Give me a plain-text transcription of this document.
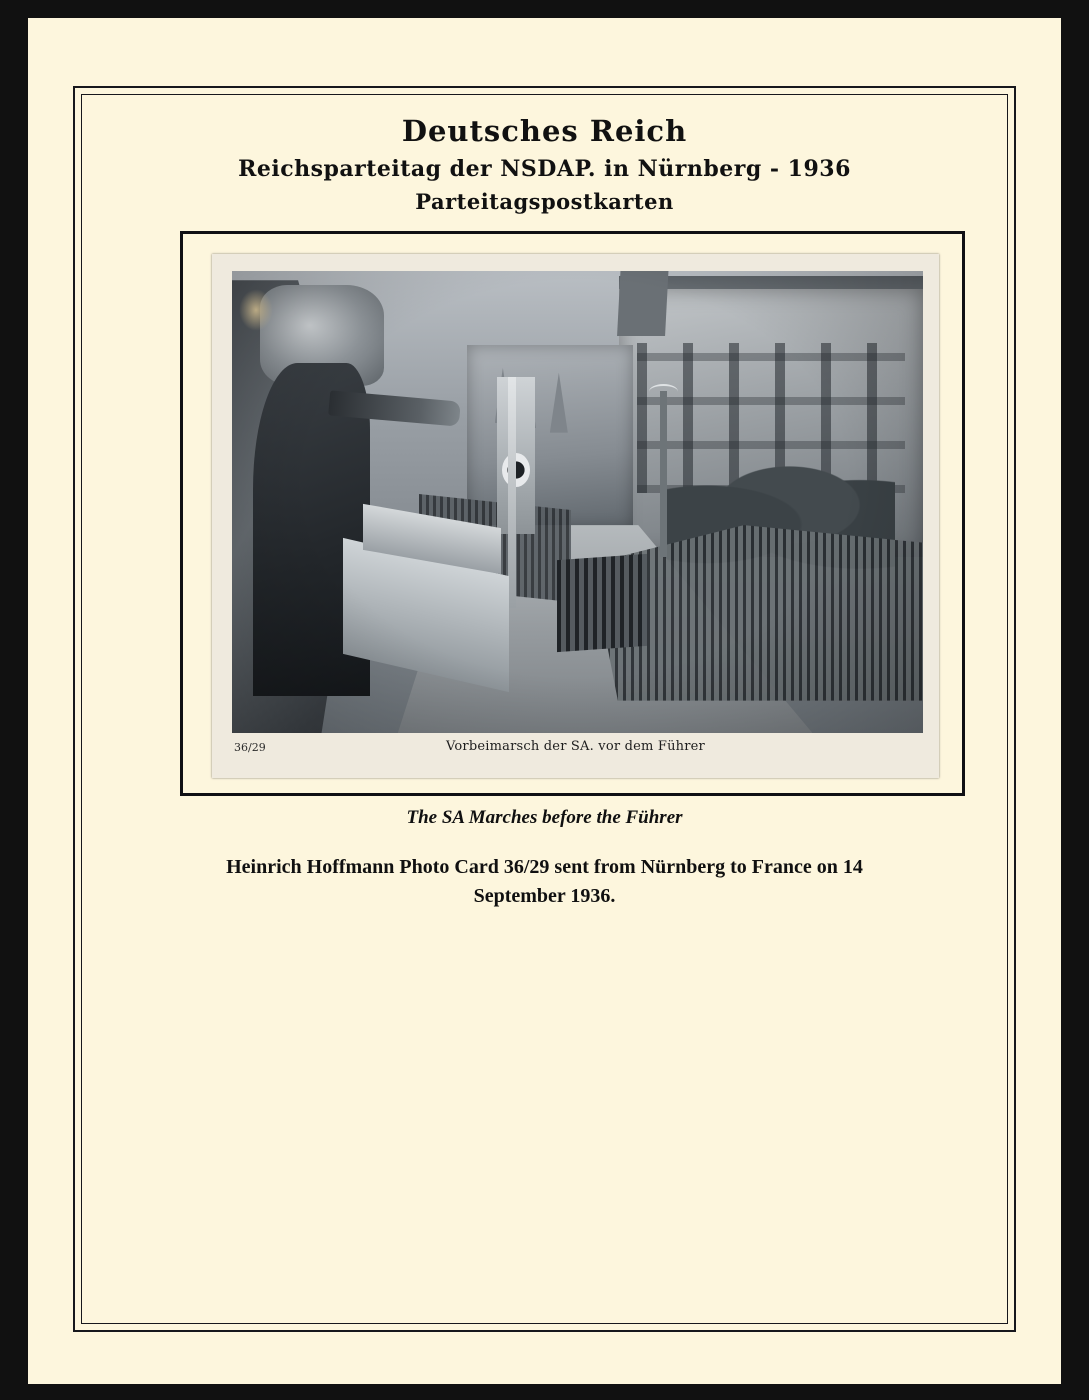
Deutsches Reich
Reichsparteitag der NSDAP. in Nürnberg - 1936
Parteitagspostkarten
36/29	Vorbeimarsch der SA. vor dem Führer
The SA Marches before the Führer
Heinrich Hoffmann Photo Card 36/29 sent from Nürnberg to France on 14 September 1936.
